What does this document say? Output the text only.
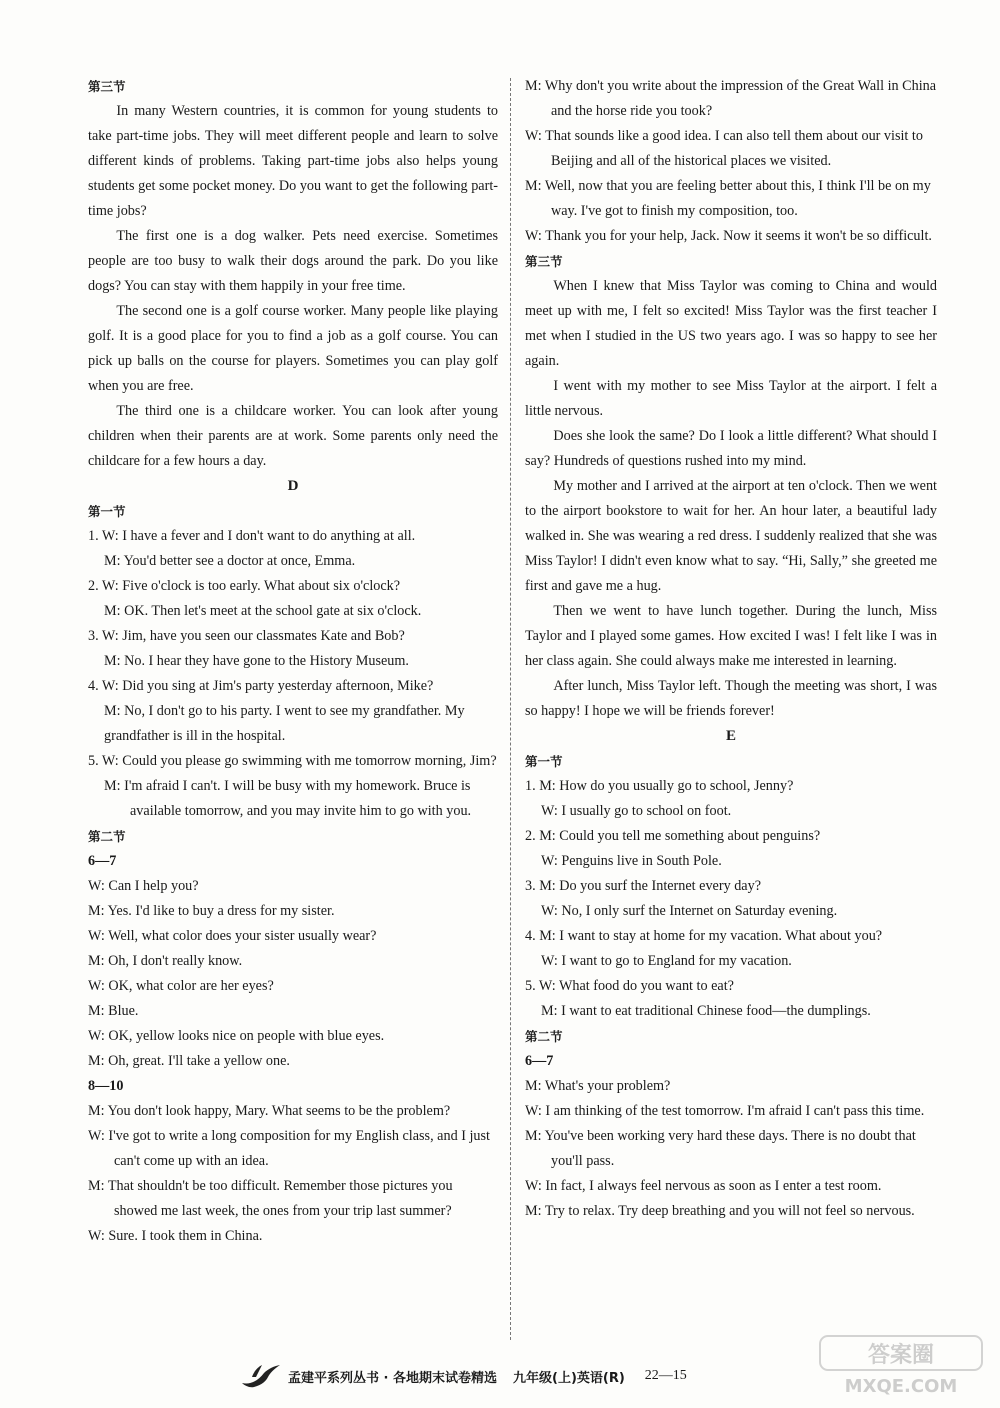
第三节
In many Western countries, it is common for young students to take part-time jobs. They will meet different people and learn to solve different kinds of problems. Taking part-time jobs also helps young students get some pocket money. Do you want to get the following part-time jobs?
The first one is a dog walker. Pets need exercise. Sometimes people are too busy to walk their dogs around the park. Do you like dogs? You can stay with them happily in your free time.
The second one is a golf course worker. Many people like playing golf. It is a good place for you to find a job as a golf course. You can pick up balls on the course for players. Sometimes you can play golf when you are free.
The third one is a childcare worker. You can look after young children when their parents are at work. Some parents only need the childcare for a few hours a day.
D
第一节
1. W: I have a fever and I don't want to do anything at all.
M: You'd better see a doctor at once, Emma.
2. W: Five o'clock is too early. What about six o'clock?
M: OK. Then let's meet at the school gate at six o'clock.
3. W: Jim, have you seen our classmates Kate and Bob?
M: No. I hear they have gone to the History Museum.
4. W: Did you sing at Jim's party yesterday afternoon, Mike?
M: No, I don't go to his party. I went to see my grandfather. My grandfather is ill in the hospital.
5. W: Could you please go swimming with me tomorrow morning, Jim?
M: I'm afraid I can't. I will be busy with my homework. Bruce is available tomorrow, and you may invite him to go with you.
第二节
6—7
W: Can I help you?
M: Yes. I'd like to buy a dress for my sister.
W: Well, what color does your sister usually wear?
M: Oh, I don't really know.
W: OK, what color are her eyes?
M: Blue.
W: OK, yellow looks nice on people with blue eyes.
M: Oh, great. I'll take a yellow one.
8—10
M: You don't look happy, Mary. What seems to be the problem?
W: I've got to write a long composition for my English class, and I just can't come up with an idea.
M: That shouldn't be too difficult. Remember those pictures you showed me last week, the ones from your trip last summer?
W: Sure. I took them in China.
M: Why don't you write about the impression of the Great Wall in China and the horse ride you took?
W: That sounds like a good idea. I can also tell them about our visit to Beijing and all of the historical places we visited.
M: Well, now that you are feeling better about this, I think I'll be on my way. I've got to finish my composition, too.
W: Thank you for your help, Jack. Now it seems it won't be so difficult.
第三节
When I knew that Miss Taylor was coming to China and would meet up with me, I felt so excited! Miss Taylor was the first teacher I met when I studied in the US two years ago. I was so happy to see her again.
I went with my mother to see Miss Taylor at the airport. I felt a little nervous.
Does she look the same? Do I look a little different? What should I say? Hundreds of questions rushed into my mind.
My mother and I arrived at the airport at ten o'clock. Then we went to the airport bookstore to wait for her. An hour later, a beautiful lady walked in. She was wearing a red dress. I suddenly realized that she was Miss Taylor! I didn't even know what to say. “Hi, Sally,” she greeted me first and gave me a hug.
Then we went to have lunch together. During the lunch, Miss Taylor and I played some games. How excited I was! I felt like I was in her class again. She could always make me interested in learning.
After lunch, Miss Taylor left. Though the meeting was short, I was so happy! I hope we will be friends forever!
E
第一节
1. M: How do you usually go to school, Jenny?
W: I usually go to school on foot.
2. M: Could you tell me something about penguins?
W: Penguins live in South Pole.
3. M: Do you surf the Internet every day?
W: No, I only surf the Internet on Saturday evening.
4. M: I want to stay at home for my vacation. What about you?
W: I want to go to England for my vacation.
5. W: What food do you want to eat?
M: I want to eat traditional Chinese food—the dumplings.
第二节
6—7
M: What's your problem?
W: I am thinking of the test tomorrow. I'm afraid I can't pass this time.
M: You've been working very hard these days. There is no doubt that you'll pass.
W: In fact, I always feel nervous as soon as I enter a test room.
M: Try to relax. Try deep breathing and you will not feel so nervous.
孟建平系列丛书 · 各地期末试卷精选 九年级(上)英语(R) 22—15
答案圈
MXQE.COM
